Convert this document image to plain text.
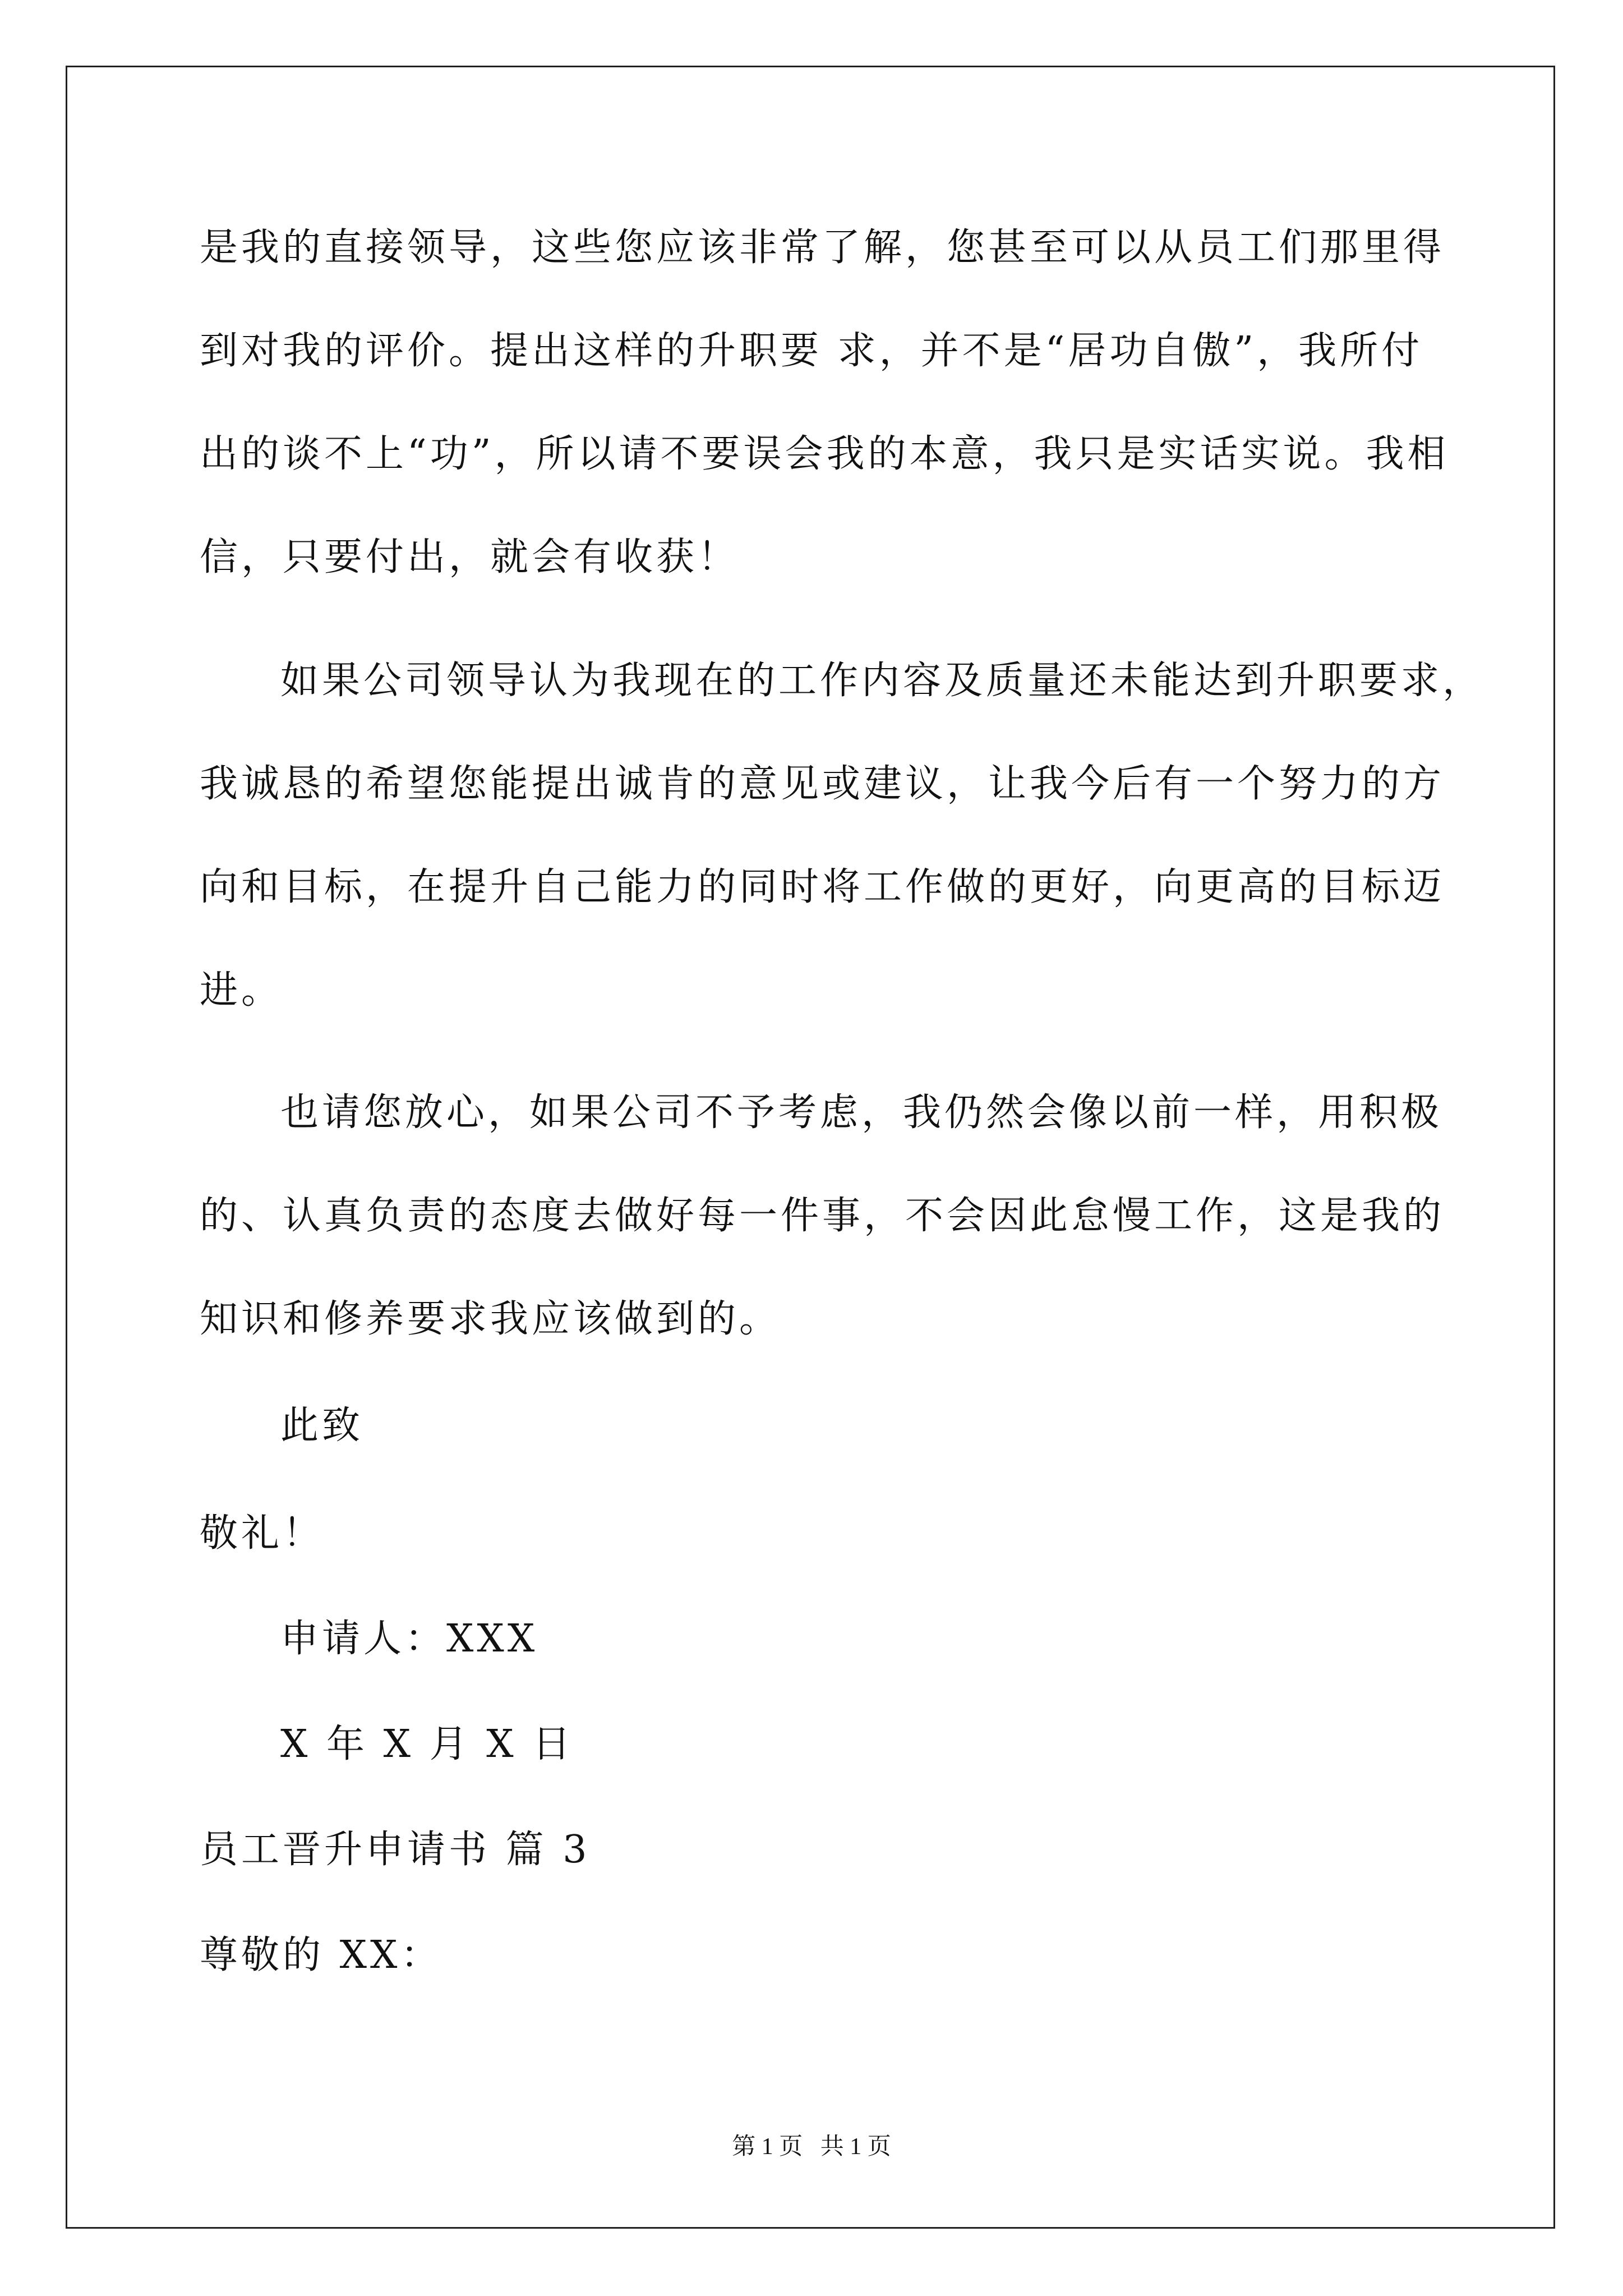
是我的直接领导，这些您应该非常了解，您甚至可以从员工们那里得
到对我的评价。提出这样的升职要 求，并不是“居功自傲”，我所付
出的谈不上“功”，所以请不要误会我的本意，我只是实话实说。我相
信，只要付出，就会有收获！
如果公司领导认为我现在的工作内容及质量还未能达到升职要求，
我诚恳的希望您能提出诚肯的意见或建议，让我今后有一个努力的方
向和目标，在提升自己能力的同时将工作做的更好，向更高的目标迈
进。
也请您放心，如果公司不予考虑，我仍然会像以前一样，用积极
的、认真负责的态度去做好每一件事，不会因此怠慢工作，这是我的
知识和修养要求我应该做到的。
此致
敬礼！
申请人：XXX
X 年 X 月 X 日
员工晋升申请书 篇 3
尊敬的 XX：
第 1 页   共 1 页
